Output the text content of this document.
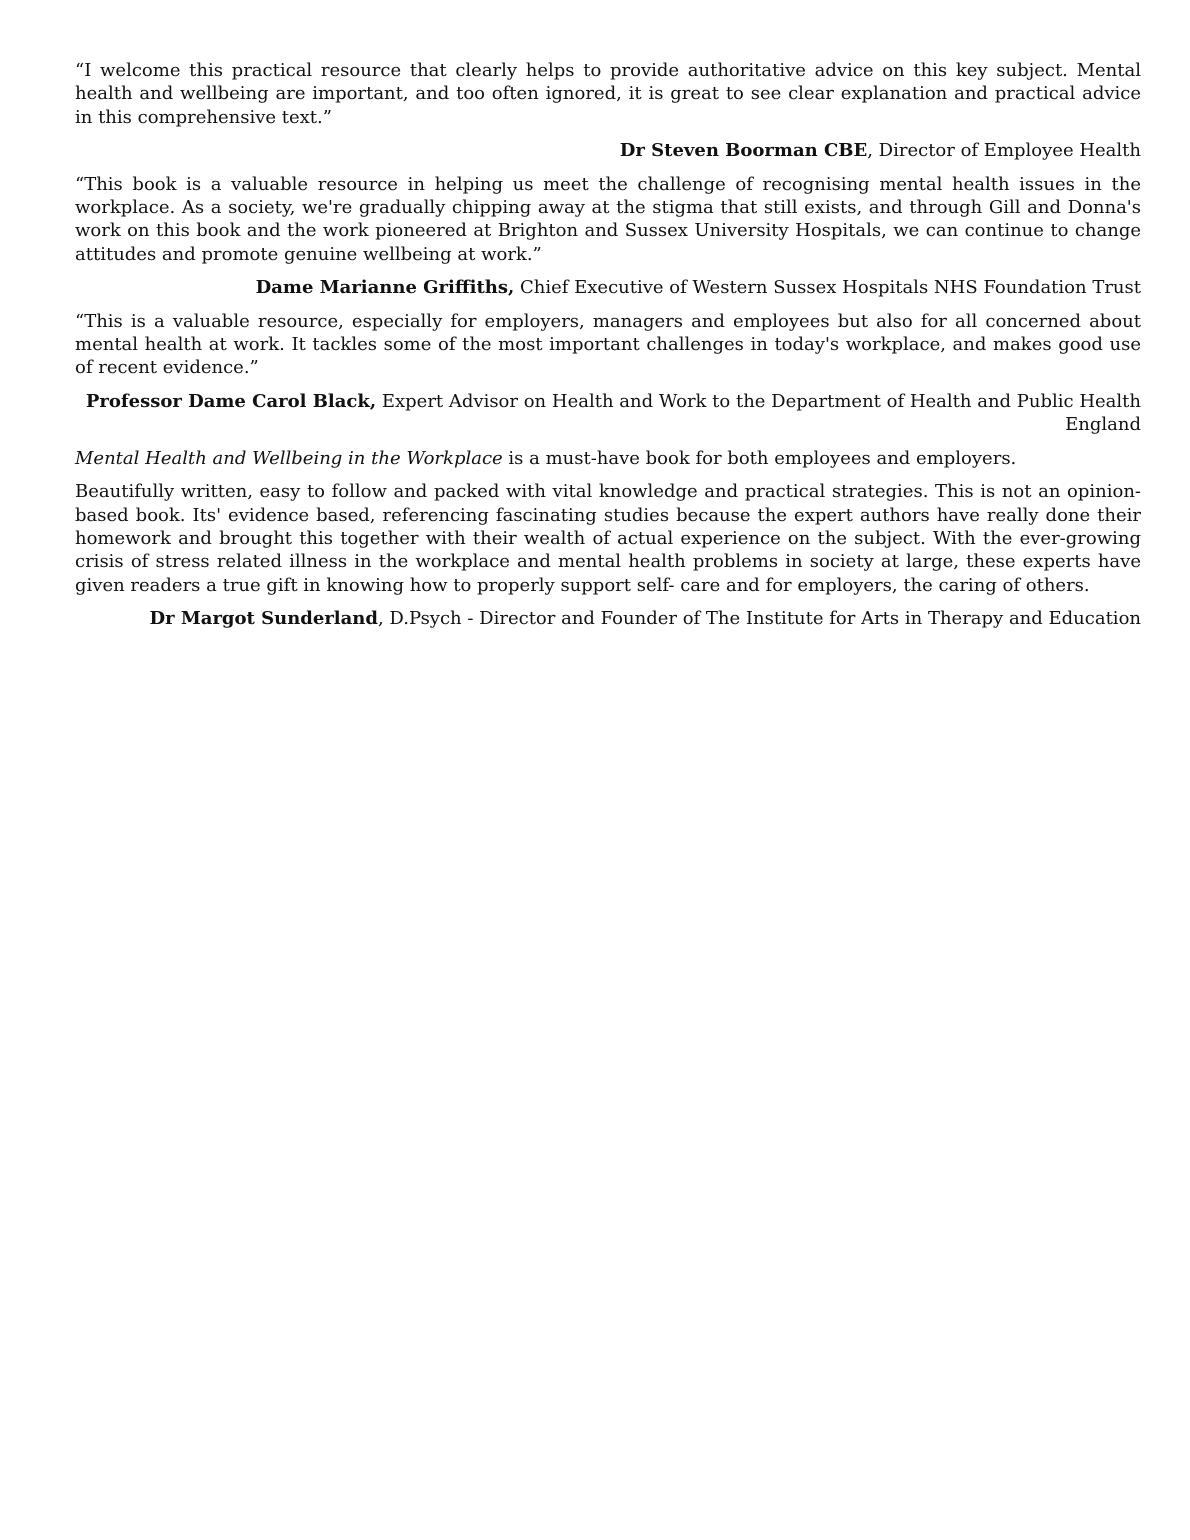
“I welcome this practical resource that clearly helps to provide authoritative advice on this key subject. Mental health and wellbeing are important, and too often ignored, it is great to see clear explanation and practical advice in this comprehensive text.”

Dr Steven Boorman CBE, Director of Employee Health

“This book is a valuable resource in helping us meet the challenge of recognising mental health issues in the workplace. As a society, we're gradually chipping away at the stigma that still exists, and through Gill and Donna's work on this book and the work pioneered at Brighton and Sussex University Hospitals, we can continue to change attitudes and promote genuine wellbeing at work.”

Dame Marianne Griffiths, Chief Executive of Western Sussex Hospitals NHS Foundation Trust

“This is a valuable resource, especially for employers, managers and employees but also for all concerned about mental health at work. It tackles some of the most important challenges in today's workplace, and makes good use of recent evidence.”

Professor Dame Carol Black, Expert Advisor on Health and Work to the Department of Health and Public Health England

Mental Health and Wellbeing in the Workplace is a must-have book for both employees and employers.

Beautifully written, easy to follow and packed with vital knowledge and practical strategies. This is not an opinion-based book. Its' evidence based, referencing fascinating studies because the expert authors have really done their homework and brought this together with their wealth of actual experience on the subject. With the ever-growing crisis of stress related illness in the workplace and mental health problems in society at large, these experts have given readers a true gift in knowing how to properly support self- care and for employers, the caring of others.

Dr Margot Sunderland, D.Psych - Director and Founder of The Institute for Arts in Therapy and Education
